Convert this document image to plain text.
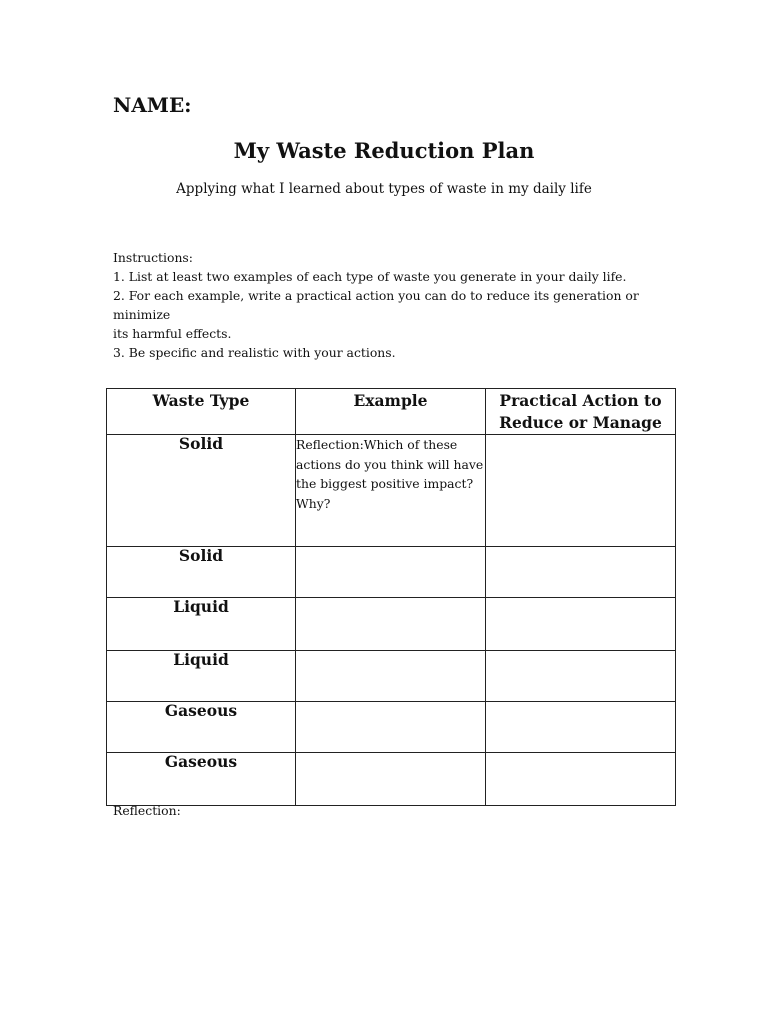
NAME:

My Waste Reduction Plan

Applying what I learned about types of waste in my daily life

Instructions:
1. List at least two examples of each type of waste you generate in your daily life.
2. For each example, write a practical action you can do to reduce its generation or minimize
its harmful effects.
3. Be specific and realistic with your actions.
Waste Type	Example	Practical Action to Reduce or Manage
Solid	Reflection:Which of these actions do you think will have the biggest positive impact? Why?	
Solid		
Liquid		
Liquid		
Gaseous		
Gaseous		

Reflection:
